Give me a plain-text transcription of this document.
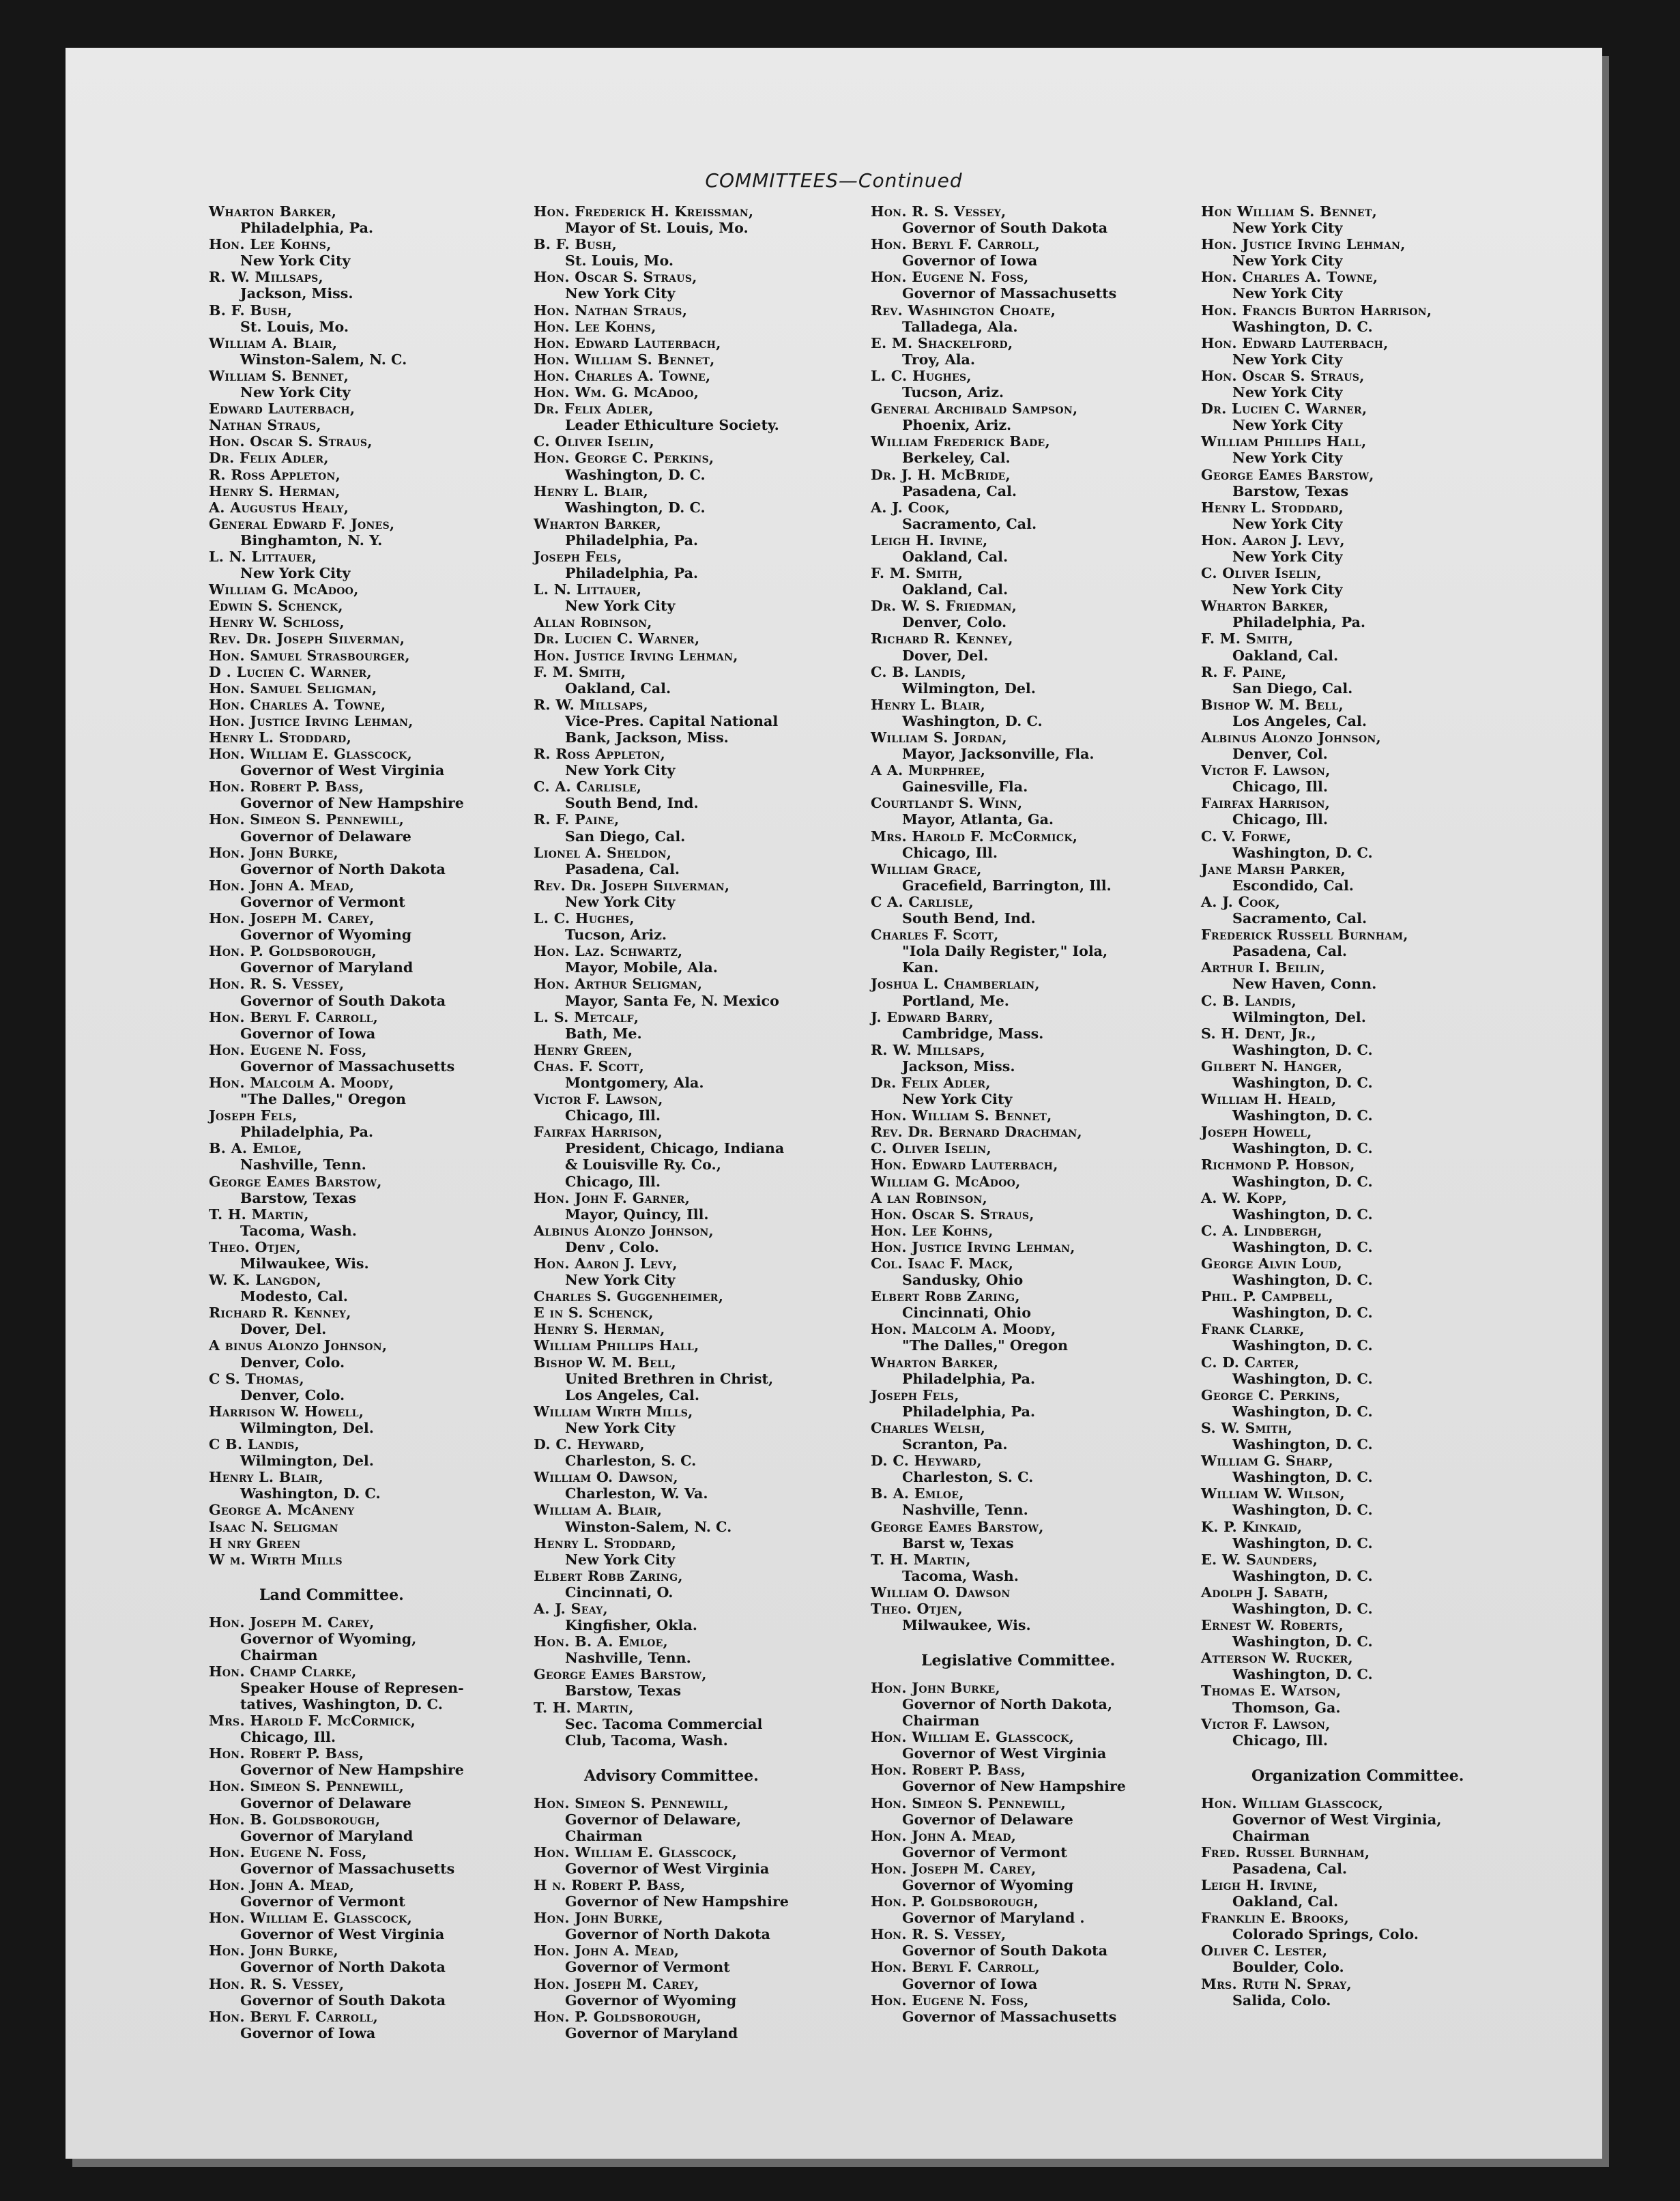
COMMITTEES—Continued
Wharton Barker,
Philadelphia, Pa.
Hon. Lee Kohns,
New York City
R. W. Millsaps,
Jackson, Miss.
B. F. Bush,
St. Louis, Mo.
William A. Blair,
Winston-Salem, N. C.
William S. Bennet,
New York City
Edward Lauterbach,
Nathan Straus,
Hon. Oscar S. Straus,
Dr. Felix Adler,
R. Ross Appleton,
Henry S. Herman,
A. Augustus Healy,
General Edward F. Jones,
Binghamton, N. Y.
L. N. Littauer,
New York City
William G. McAdoo,
Edwin S. Schenck,
Henry W. Schloss,
Rev. Dr. Joseph Silverman,
Hon. Samuel Strasbourger,
D . Lucien C. Warner,
Hon. Samuel Seligman,
Hon. Charles A. Towne,
Hon. Justice Irving Lehman,
Henry L. Stoddard,
Hon. William E. Glasscock,
Governor of West Virginia
Hon. Robert P. Bass,
Governor of New Hampshire
Hon. Simeon S. Pennewill,
Governor of Delaware
Hon. John Burke,
Governor of North Dakota
Hon. John A. Mead,
Governor of Vermont
Hon. Joseph M. Carey,
Governor of Wyoming
Hon. P. Goldsborough,
Governor of Maryland
Hon. R. S. Vessey,
Governor of South Dakota
Hon. Beryl F. Carroll,
Governor of Iowa
Hon. Eugene N. Foss,
Governor of Massachusetts
Hon. Malcolm A. Moody,
"The Dalles," Oregon
Joseph Fels,
Philadelphia, Pa.
B. A. Emloe,
Nashville, Tenn.
George Eames Barstow,
Barstow, Texas
T. H. Martin,
Tacoma, Wash.
Theo. Otjen,
Milwaukee, Wis.
W. K. Langdon,
Modesto, Cal.
Richard R. Kenney,
Dover, Del.
A binus Alonzo Johnson,
Denver, Colo.
C S. Thomas,
Denver, Colo.
Harrison W. Howell,
Wilmington, Del.
C B. Landis,
Wilmington, Del.
Henry L. Blair,
Washington, D. C.
George A. McAneny
Isaac N. Seligman
H nry Green
W m. Wirth Mills
Land Committee.
Hon. Joseph M. Carey,
Governor of Wyoming,
Chairman
Hon. Champ Clarke,
Speaker House of Represen-
tatives, Washington, D. C.
Mrs. Harold F. McCormick,
Chicago, Ill.
Hon. Robert P. Bass,
Governor of New Hampshire
Hon. Simeon S. Pennewill,
Governor of Delaware
Hon. B. Goldsborough,
Governor of Maryland
Hon. Eugene N. Foss,
Governor of Massachusetts
Hon. John A. Mead,
Governor of Vermont
Hon. William E. Glasscock,
Governor of West Virginia
Hon. John Burke,
Governor of North Dakota
Hon. R. S. Vessey,
Governor of South Dakota
Hon. Beryl F. Carroll,
Governor of Iowa
Hon. Frederick H. Kreissman,
Mayor of St. Louis, Mo.
B. F. Bush,
St. Louis, Mo.
Hon. Oscar S. Straus,
New York City
Hon. Nathan Straus,
Hon. Lee Kohns,
Hon. Edward Lauterbach,
Hon. William S. Bennet,
Hon. Charles A. Towne,
Hon. Wm. G. McAdoo,
Dr. Felix Adler,
Leader Ethiculture Society.
C. Oliver Iselin,
Hon. George C. Perkins,
Washington, D. C.
Henry L. Blair,
Washington, D. C.
Wharton Barker,
Philadelphia, Pa.
Joseph Fels,
Philadelphia, Pa.
L. N. Littauer,
New York City
Allan Robinson,
Dr. Lucien C. Warner,
Hon. Justice Irving Lehman,
F. M. Smith,
Oakland, Cal.
R. W. Millsaps,
Vice-Pres. Capital National
Bank, Jackson, Miss.
R. Ross Appleton,
New York City
C. A. Carlisle,
South Bend, Ind.
R. F. Paine,
San Diego, Cal.
Lionel A. Sheldon,
Pasadena, Cal.
Rev. Dr. Joseph Silverman,
New York City
L. C. Hughes,
Tucson, Ariz.
Hon. Laz. Schwartz,
Mayor, Mobile, Ala.
Hon. Arthur Seligman,
Mayor, Santa Fe, N. Mexico
L. S. Metcalf,
Bath, Me.
Henry Green,
Chas. F. Scott,
Montgomery, Ala.
Victor F. Lawson,
Chicago, Ill.
Fairfax Harrison,
President, Chicago, Indiana
& Louisville Ry. Co.,
Chicago, Ill.
Hon. John F. Garner,
Mayor, Quincy, Ill.
Albinus Alonzo Johnson,
Denv , Colo.
Hon. Aaron J. Levy,
New York City
Charles S. Guggenheimer,
E in S. Schenck,
Henry S. Herman,
William Phillips Hall,
Bishop W. M. Bell,
United Brethren in Christ,
Los Angeles, Cal.
William Wirth Mills,
New York City
D. C. Heyward,
Charleston, S. C.
William O. Dawson,
Charleston, W. Va.
William A. Blair,
Winston-Salem, N. C.
Henry L. Stoddard,
New York City
Elbert Robb Zaring,
Cincinnati, O.
A. J. Seay,
Kingfisher, Okla.
Hon. B. A. Emloe,
Nashville, Tenn.
George Eames Barstow,
Barstow, Texas
T. H. Martin,
Sec. Tacoma Commercial
Club, Tacoma, Wash.
Advisory Committee.
Hon. Simeon S. Pennewill,
Governor of Delaware,
Chairman
Hon. William E. Glasscock,
Governor of West Virginia
H n. Robert P. Bass,
Governor of New Hampshire
Hon. John Burke,
Governor of North Dakota
Hon. John A. Mead,
Governor of Vermont
Hon. Joseph M. Carey,
Governor of Wyoming
Hon. P. Goldsborough,
Governor of Maryland
Hon. R. S. Vessey,
Governor of South Dakota
Hon. Beryl F. Carroll,
Governor of Iowa
Hon. Eugene N. Foss,
Governor of Massachusetts
Rev. Washington Choate,
Talladega, Ala.
E. M. Shackelford,
Troy, Ala.
L. C. Hughes,
Tucson, Ariz.
General Archibald Sampson,
Phoenix, Ariz.
William Frederick Bade,
Berkeley, Cal.
Dr. J. H. McBride,
Pasadena, Cal.
A. J. Cook,
Sacramento, Cal.
Leigh H. Irvine,
Oakland, Cal.
F. M. Smith,
Oakland, Cal.
Dr. W. S. Friedman,
Denver, Colo.
Richard R. Kenney,
Dover, Del.
C. B. Landis,
Wilmington, Del.
Henry L. Blair,
Washington, D. C.
William S. Jordan,
Mayor, Jacksonville, Fla.
A A. Murphree,
Gainesville, Fla.
Courtlandt S. Winn,
Mayor, Atlanta, Ga.
Mrs. Harold F. McCormick,
Chicago, Ill.
William Grace,
Gracefield, Barrington, Ill.
C A. Carlisle,
South Bend, Ind.
Charles F. Scott,
"Iola Daily Register," Iola,
Kan.
Joshua L. Chamberlain,
Portland, Me.
J. Edward Barry,
Cambridge, Mass.
R. W. Millsaps,
Jackson, Miss.
Dr. Felix Adler,
New York City
Hon. William S. Bennet,
Rev. Dr. Bernard Drachman,
C. Oliver Iselin,
Hon. Edward Lauterbach,
William G. McAdoo,
A lan Robinson,
Hon. Oscar S. Straus,
Hon. Lee Kohns,
Hon. Justice Irving Lehman,
Col. Isaac F. Mack,
Sandusky, Ohio
Elbert Robb Zaring,
Cincinnati, Ohio
Hon. Malcolm A. Moody,
"The Dalles," Oregon
Wharton Barker,
Philadelphia, Pa.
Joseph Fels,
Philadelphia, Pa.
Charles Welsh,
Scranton, Pa.
D. C. Heyward,
Charleston, S. C.
B. A. Emloe,
Nashville, Tenn.
George Eames Barstow,
Barst w, Texas
T. H. Martin,
Tacoma, Wash.
William O. Dawson
Theo. Otjen,
Milwaukee, Wis.
Legislative Committee.
Hon. John Burke,
Governor of North Dakota,
Chairman
Hon. William E. Glasscock,
Governor of West Virginia
Hon. Robert P. Bass,
Governor of New Hampshire
Hon. Simeon S. Pennewill,
Governor of Delaware
Hon. John A. Mead,
Governor of Vermont
Hon. Joseph M. Carey,
Governor of Wyoming
Hon. P. Goldsborough,
Governor of Maryland .
Hon. R. S. Vessey,
Governor of South Dakota
Hon. Beryl F. Carroll,
Governor of Iowa
Hon. Eugene N. Foss,
Governor of Massachusetts
Hon William S. Bennet,
New York City
Hon. Justice Irving Lehman,
New York City
Hon. Charles A. Towne,
New York City
Hon. Francis Burton Harrison,
Washington, D. C.
Hon. Edward Lauterbach,
New York City
Hon. Oscar S. Straus,
New York City
Dr. Lucien C. Warner,
New York City
William Phillips Hall,
New York City
George Eames Barstow,
Barstow, Texas
Henry L. Stoddard,
New York City
Hon. Aaron J. Levy,
New York City
C. Oliver Iselin,
New York City
Wharton Barker,
Philadelphia, Pa.
F. M. Smith,
Oakland, Cal.
R. F. Paine,
San Diego, Cal.
Bishop W. M. Bell,
Los Angeles, Cal.
Albinus Alonzo Johnson,
Denver, Col.
Victor F. Lawson,
Chicago, Ill.
Fairfax Harrison,
Chicago, Ill.
C. V. Forwe,
Washington, D. C.
Jane Marsh Parker,
Escondido, Cal.
A. J. Cook,
Sacramento, Cal.
Frederick Russell Burnham,
Pasadena, Cal.
Arthur I. Beilin,
New Haven, Conn.
C. B. Landis,
Wilmington, Del.
S. H. Dent, Jr.,
Washington, D. C.
Gilbert N. Hanger,
Washington, D. C.
William H. Heald,
Washington, D. C.
Joseph Howell,
Washington, D. C.
Richmond P. Hobson,
Washington, D. C.
A. W. Kopp,
Washington, D. C.
C. A. Lindbergh,
Washington, D. C.
George Alvin Loud,
Washington, D. C.
Phil. P. Campbell,
Washington, D. C.
Frank Clarke,
Washington, D. C.
C. D. Carter,
Washington, D. C.
George C. Perkins,
Washington, D. C.
S. W. Smith,
Washington, D. C.
William G. Sharp,
Washington, D. C.
William W. Wilson,
Washington, D. C.
K. P. Kinkaid,
Washington, D. C.
E. W. Saunders,
Washington, D. C.
Adolph J. Sabath,
Washington, D. C.
Ernest W. Roberts,
Washington, D. C.
Atterson W. Rucker,
Washington, D. C.
Thomas E. Watson,
Thomson, Ga.
Victor F. Lawson,
Chicago, Ill.
Organization Committee.
Hon. William Glasscock,
Governor of West Virginia,
Chairman
Fred. Russel Burnham,
Pasadena, Cal.
Leigh H. Irvine,
Oakland, Cal.
Franklin E. Brooks,
Colorado Springs, Colo.
Oliver C. Lester,
Boulder, Colo.
Mrs. Ruth N. Spray,
Salida, Colo.
